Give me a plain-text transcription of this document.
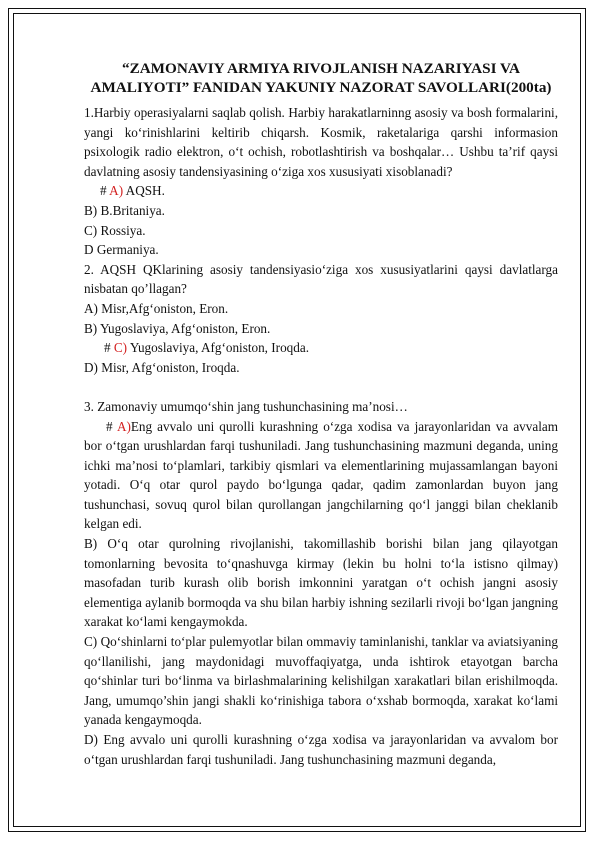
“ZAMONAVIY ARMIYA RIVOJLANISH NAZARIYASI VA AMALIYOTI” FANIDAN YAKUNIY NAZORAT SAVOLLARI(200ta)

1.Harbiy operasiyalarni saqlab qolish. Harbiy harakatlarninng asosiy va bosh formalarini, yangi ko‘rinishlarini keltirib chiqarsh. Kosmik, raketalariga qarshi informasion psixologik radio elektron, o‘t ochish, robotlashtirish va boshqalar… Ushbu ta’rif qaysi davlatning asosiy tandensiyasining o‘ziga xos xususiyati xisoblanadi?

# A) AQSH.

B) B.Britaniya.

C) Rossiya.

D Germaniya.

2. AQSH QKlarining asosiy tandensiyasio‘ziga xos xususiyatlarini qaysi davlatlarga nisbatan qo’llagan?

A) Misr,Afg‘oniston, Eron.

B) Yugoslaviya, Afg‘oniston, Eron.

# C) Yugoslaviya, Afg‘oniston, Iroqda.

D) Misr, Afg‘oniston, Iroqda.

3. Zamonaviy umumqo‘shin jang tushunchasining ma’nosi…

# A)Eng avvalo uni qurolli kurashning o‘zga xodisa va jarayonlaridan va avvalam bor o‘tgan urushlardan farqi tushuniladi. Jang tushunchasining mazmuni deganda, uning ichki ma’nosi to‘plamlari, tarkibiy qismlari va elementlarining mujassamlangan bayoni yotadi. O‘q otar qurol paydo bo‘lgunga qadar, qadim zamonlardan buyon jang tushunchasi, sovuq qurol bilan qurollangan jangchilarning qo‘l janggi bilan cheklanib kelgan edi.

B) O‘q otar qurolning rivojlanishi, takomillashib borishi bilan jang qilayotgan tomonlarning bevosita to‘qnashuvga kirmay (lekin bu holni to‘la istisno qilmay) masofadan turib kurash olib borish imkonnini yaratgan o‘t ochish jangni asosiy elementiga aylanib bormoqda va shu bilan harbiy ishning sezilarli rivoji bo‘lgan jangning xarakat ko‘lami kengaymokda.

C) Qo‘shinlarni to‘plar pulemyotlar bilan ommaviy taminlanishi, tanklar va aviatsiyaning qo‘llanilishi, jang maydonidagi muvoffaqiyatga, unda ishtirok etayotgan barcha qo‘shinlar turi bo‘linma va birlashmalarining kelishilgan xarakatlari bilan erishilmoqda. Jang, umumqo’shin jangi shakli ko‘rinishiga tabora o‘xshab bormoqda, xarakat ko‘lami yanada kengaymoqda.

D) Eng avvalo uni qurolli kurashning o‘zga xodisa va jarayonlaridan va avvalom bor o‘tgan urushlardan farqi tushuniladi. Jang tushunchasining mazmuni deganda,
